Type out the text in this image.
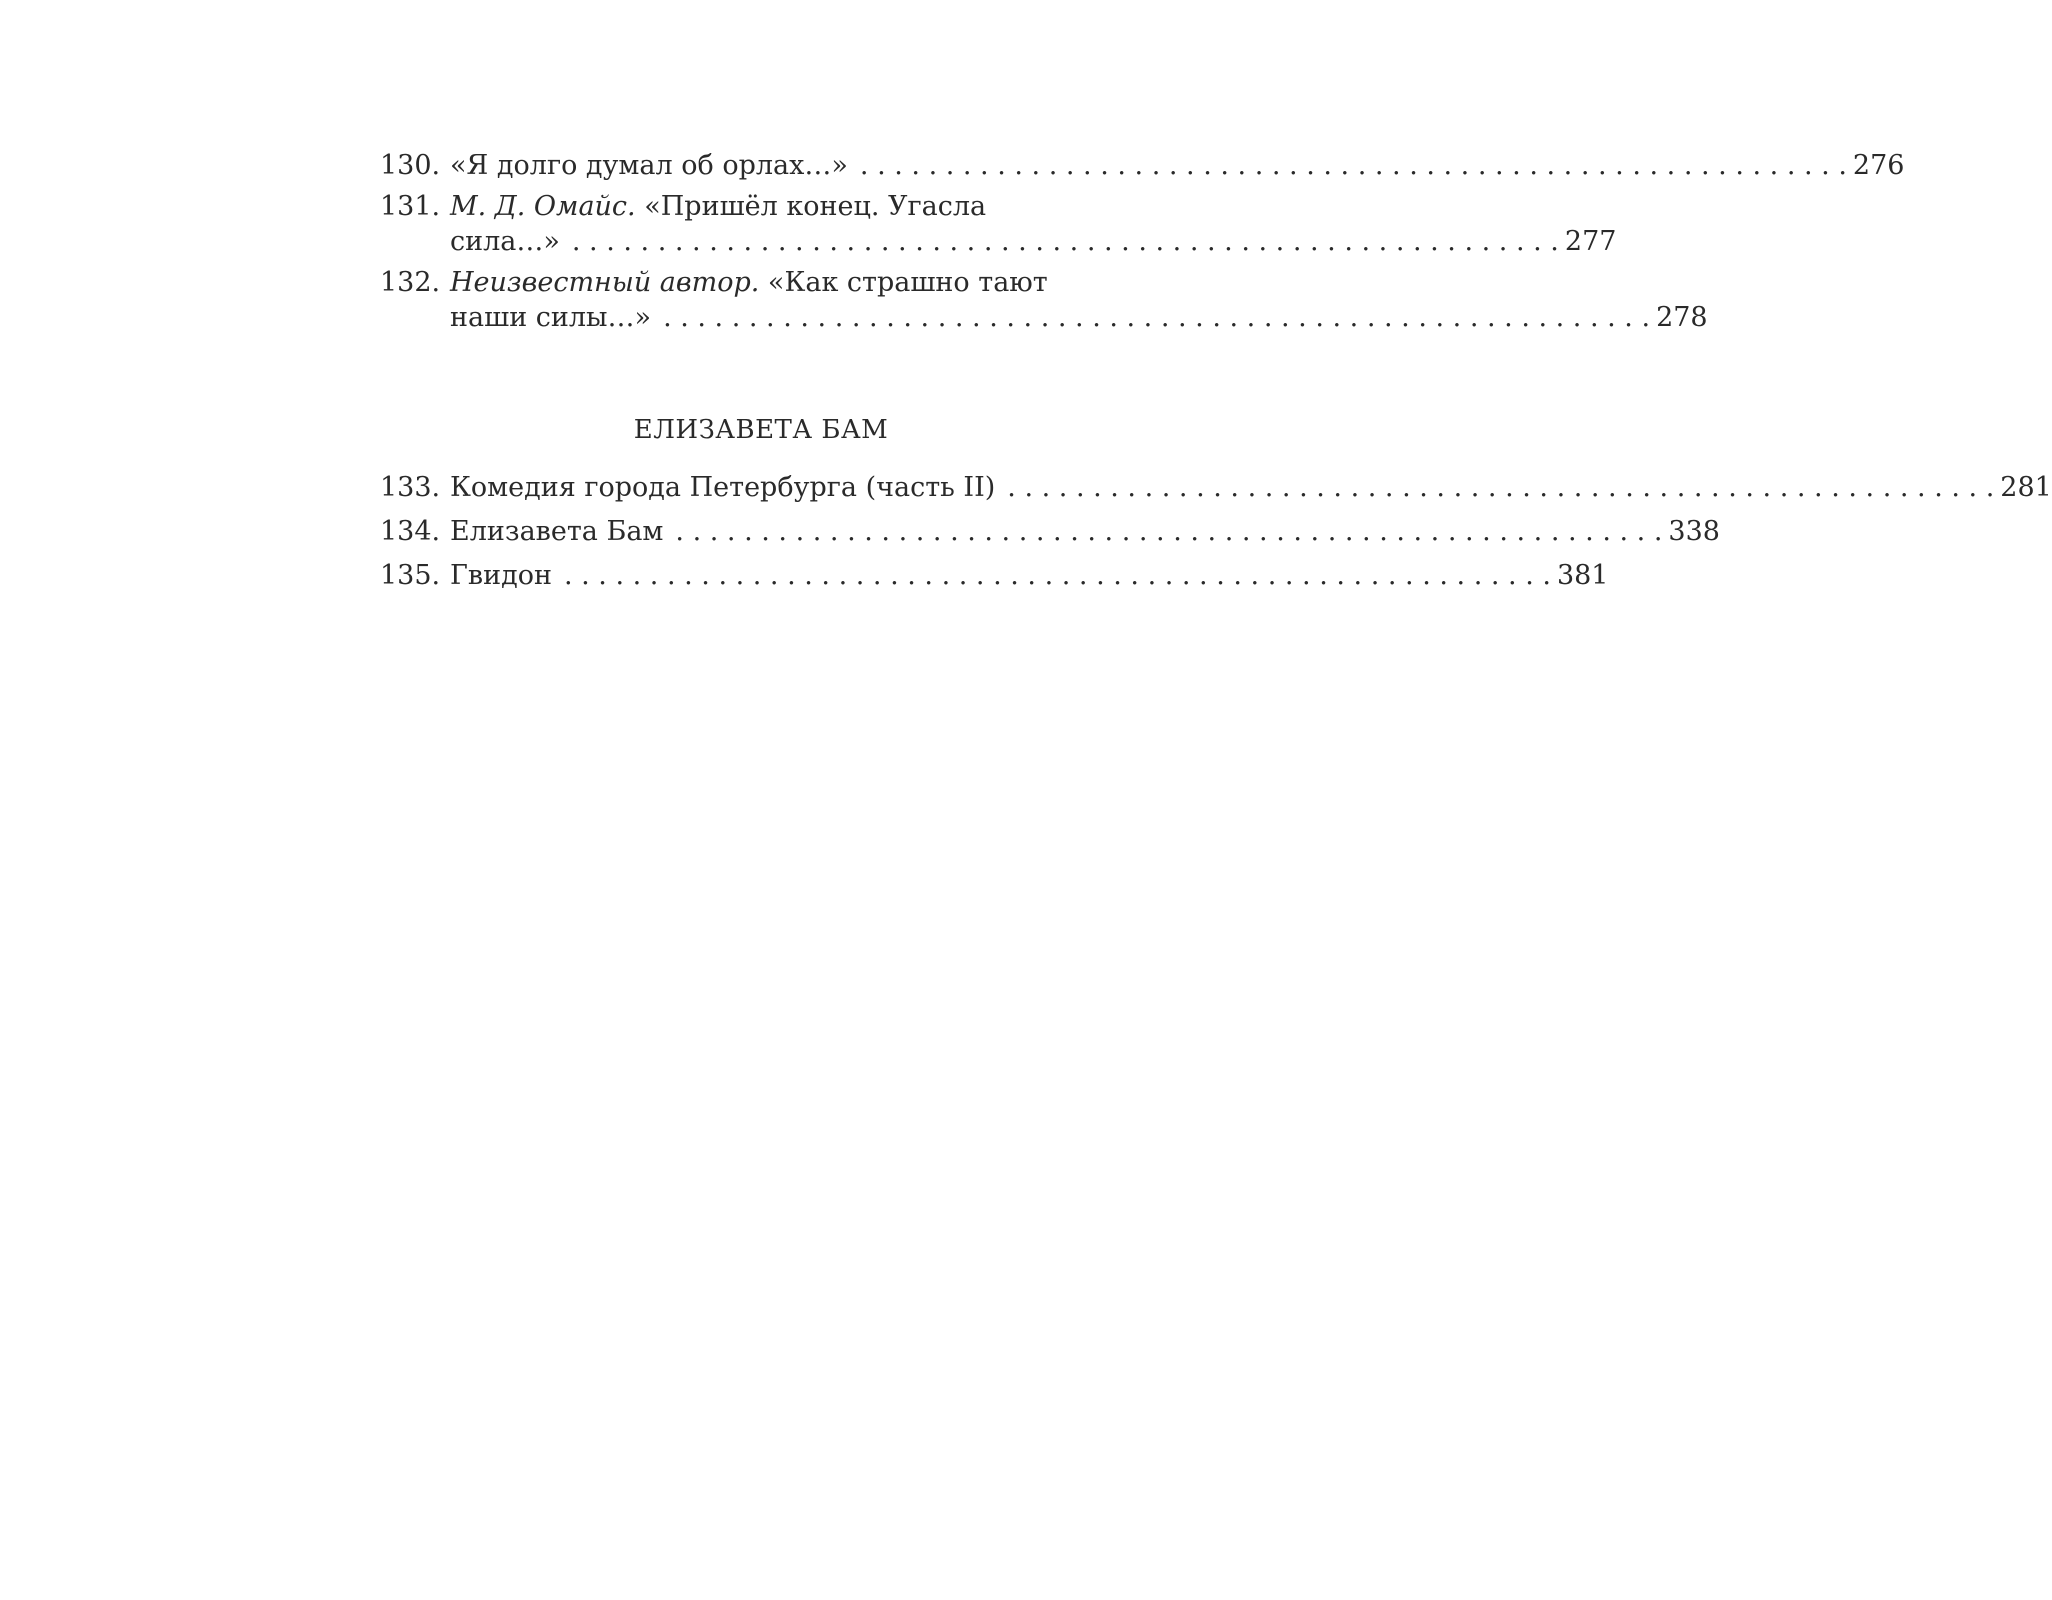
130. «Я долго думал об орлах…» . . . . . . . . . . . . . . . . . . . . . . . . . . . . . . . . . . . . . . . . . . . . . . . . . . . . . . . . . . 276
131. М. Д. Омайс. «Пришёл конец. Угасла
сила…» . . . . . . . . . . . . . . . . . . . . . . . . . . . . . . . . . . . . . . . . . . . . . . . . . . . . . . . . . . 277
132. Неизвестный автор. «Как страшно тают
наши силы…» . . . . . . . . . . . . . . . . . . . . . . . . . . . . . . . . . . . . . . . . . . . . . . . . . . . . . . . . . . 278
ЕЛИЗАВЕТА БАМ
133. Комедия города Петербурга (часть II) . . . . . . . . . . . . . . . . . . . . . . . . . . . . . . . . . . . . . . . . . . . . . . . . . . . . . . . . . . 281
134. Елизавета Бам . . . . . . . . . . . . . . . . . . . . . . . . . . . . . . . . . . . . . . . . . . . . . . . . . . . . . . . . . . 338
135. Гвидон . . . . . . . . . . . . . . . . . . . . . . . . . . . . . . . . . . . . . . . . . . . . . . . . . . . . . . . . . . 381
